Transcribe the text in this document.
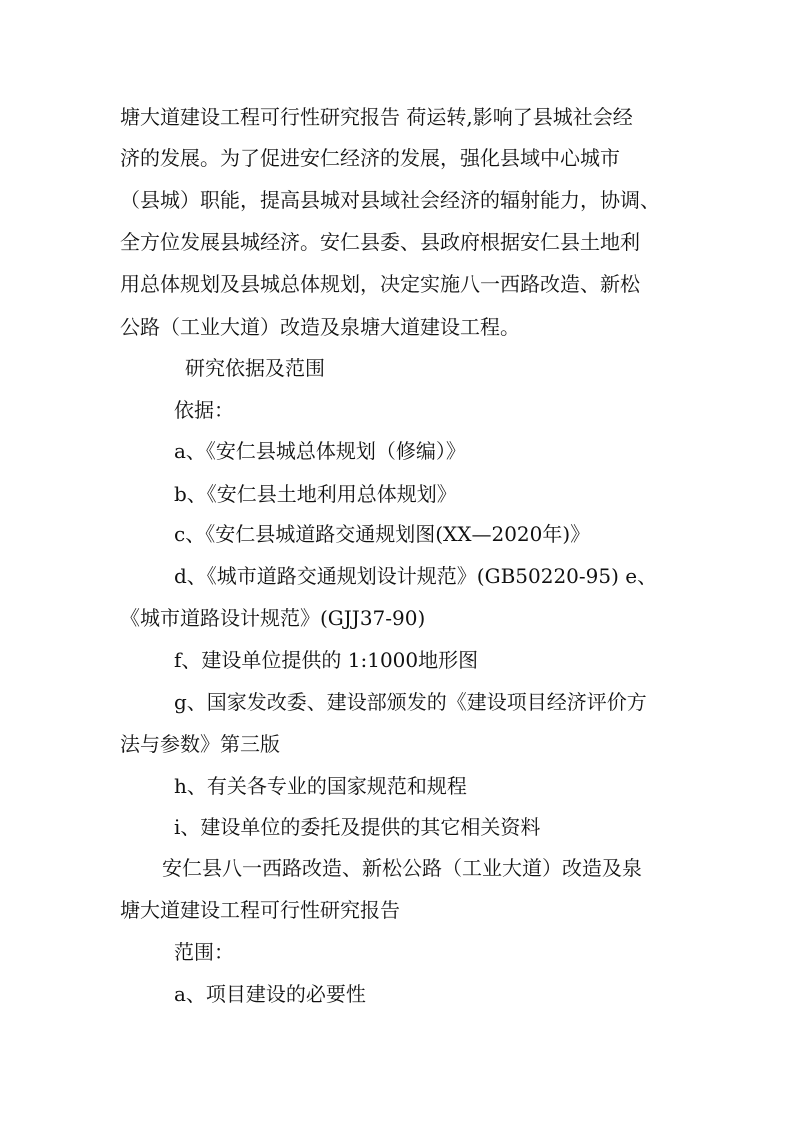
塘大道建设工程可行性研究报告 荷运转,影响了县城社会经
济的发展。为了促进安仁经济的发展，强化县域中心城市
（县城）职能，提高县城对县域社会经济的辐射能力，协调、
全方位发展县城经济。安仁县委、县政府根据安仁县土地利
用总体规划及县城总体规划，决定实施八一西路改造、新松
公路（工业大道）改造及泉塘大道建设工程。
研究依据及范围
依据：
a、《安仁县城总体规划（修编）》
b、《安仁县土地利用总体规划》
c、《安仁县城道路交通规划图(XX—2020年)》
d、《城市道路交通规划设计规范》(GB50220-95) e、
《城市道路设计规范》(GJJ37-90)
f、建设单位提供的 1:1000地形图
g、国家发改委、建设部颁发的《建设项目经济评价方
法与参数》第三版
h、有关各专业的国家规范和规程
i、建设单位的委托及提供的其它相关资料
安仁县八一西路改造、新松公路（工业大道）改造及泉
塘大道建设工程可行性研究报告
范围：
a、项目建设的必要性
